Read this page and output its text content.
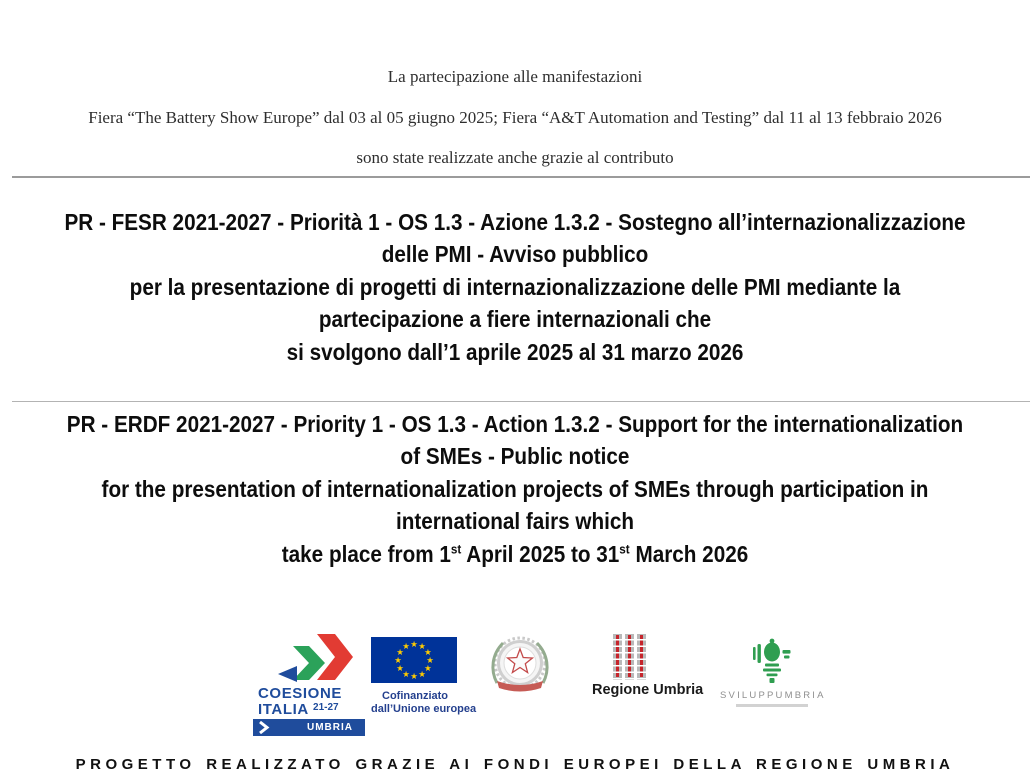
La partecipazione alle manifestazioni
Fiera “The Battery Show Europe” dal 03 al 05 giugno 2025; Fiera “A&T Automation and Testing” dal 11 al 13 febbraio 2026
sono state realizzate anche grazie al contributo
PR - FESR 2021-2027 - Priorità 1 - OS 1.3 - Azione 1.3.2 - Sostegno all’internazionalizzazione
delle PMI - Avviso pubblico
per la presentazione di progetti di internazionalizzazione delle PMI mediante la
partecipazione a fiere internazionali che
si svolgono dall’1 aprile 2025 al 31 marzo 2026
PR - ERDF 2021-2027 - Priority 1 - OS 1.3 - Action 1.3.2 - Support for the internationalization
of SMEs - Public notice
for the presentation of internationalization projects of SMEs through participation in
international fairs which
take place from 1st April 2025 to 31st March 2026
COESIONE
ITALIA $^{21-27}$
UMBRIA
★ ★
★
★
★
★
★
★
★
★
★
★
Cofinanziato
dall’Unione europea
Regione Umbria SVILUPPUMBRIA
PROGETTO REALIZZATO GRAZIE AI FONDI EUROPEI DELLA REGIONE UMBRIA
